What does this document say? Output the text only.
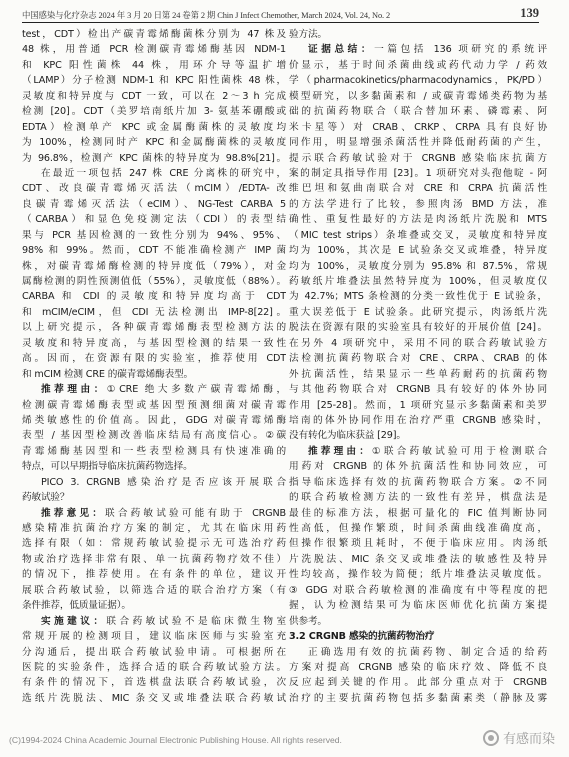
中国感染与化疗杂志 2024 年 3 月 20 日第 24 卷第 2 期 Chin J Infect Chemother, March 2024, Vol. 24, No. 2	139
test，CDT）检出产碳青霉烯酶菌株分别为 47 株及
48 株，用普通 PCR 检测碳青霉烯酶基因 NDM-1
和 KPC 阳性菌株 44 株，用环介导等温扩增
（LAMP）分子检测 NDM-1 和 KPC 阳性菌株 48 株，
灵敏度和特异度与 CDT 一致，可以在 2～3 h 完成
检测 [20]。CDT（美罗培南纸片加 3- 氨基苯硼酸或
EDTA）检测单产 KPC 或金属酶菌株的灵敏度均
为 100%，检测同时产 KPC 和金属酶菌株的灵敏度
为 96.8%，检测产 KPC 菌株的特异度为 98.8%[21]。
在最近一项包括 247 株 CRE 分离株的研究中，
CDT、改良碳青霉烯灭活法（mCIM）/EDTA- 改
良碳青霉烯灭活法（eCIM）、NG-Test CARBA 5
（CARBA）和显色免疫测定法（CDI）的表型结
果与 PCR 基因检测的一致性分别为 94%、95%、
98% 和 99%。然而，CDT 不能准确检测产 IMP 菌
株，对碳青霉烯酶检测的特异度低（79%），对金
属酶检测的阴性预测值低（55%），灵敏度低（88%）。
CARBA 和 CDI 的灵敏度和特异度均高于 CDT
和 mCIM/eCIM，但 CDI 无法检测出 IMP-8[22]。
以上研究提示，各种碳青霉烯酶表型检测方法的
灵敏度和特异度高，与基因型检测的结果一致性
高。因而，在资源有限的实验室，推荐使用 CDT
和 mCIM 检测 CRE 的碳青霉烯酶表型。
推荐理由：①CRE 绝大多数产碳青霉烯酶，
检测碳青霉烯酶表型或基因型预测细菌对碳青霉
烯类敏感性的价值高。因此，GDG 对碳青霉烯酶
表型 / 基因型检测改善临床结局有高度信心。②碳
青霉烯酶基因型和一些表型检测具有快速准确的
特点，可以早期指导临床抗菌药物选择。
PICO 3. CRGNB 感染治疗是否应该开展联合
药敏试验？
推荐意见：联合药敏试验可能有助于 CRGNB
感染精准抗菌治疗方案的制定，尤其在临床用药
选择有限（如：常规药敏试验提示无可选治疗药
物或治疗选择非常有限、单一抗菌药物疗效不佳）
的情况下，推荐使用。在有条件的单位，建议开
展联合药敏试验，以筛选合适的联合治疗方案（有
条件推荐，低质量证据）。
实施建议：联合药敏试验不是临床微生物室
常规开展的检测项目，建议临床医师与实验室充
分沟通后，提出联合药敏试验申请。可根据所在
医院的实验条件，选择合适的联合药敏试验方法。
有条件的情况下，首选棋盘法联合药敏试验，次
选纸片洗脱法、MIC 条交叉或堆叠法联合药敏试
验方法。
证据总结：一篇包括 136 项研究的系统评
价显示，基于时间杀菌曲线或药代动力学 / 药效
学（pharmacokinetics/pharmacodynamics，PK/PD）
模型研究，以多黏菌素和 / 或碳青霉烯类药物为基
础的抗菌药物联合（联合替加环素、磷霉素、阿
米卡星等）对 CRAB、CRKP、CRPA 具有良好协
同作用，明显增强杀菌活性并降低耐药菌的产生，
提示联合药敏试验对于 CRGNB 感染临床抗菌方
案的制定具指导作用 [23]。1 项研究对头孢他啶 - 阿
维巴坦和氨曲南联合对 CRE 和 CRPA 抗菌活性
的方法学进行了比较，参照肉汤 BMD 方法，准
确性、重复性最好的方法是肉汤纸片洗脱和 MTS
（MIC test strips）条堆叠或交叉，灵敏度和特异度
均为 100%，其次是 E 试验条交叉或堆叠，特异度
均为 100%，灵敏度分别为 95.8% 和 87.5%，常规
药敏纸片堆叠法虽然特异度为 100%，但灵敏度仅
为 42.7%；MTS 条检测的分类一致性优于 E 试验条，
重大误差低于 E 试验条。此研究提示，肉汤纸片洗
脱法在资源有限的实验室具有较好的开展价值 [24]。
在另外 4 项研究中，采用不同的联合药敏试验方
法检测抗菌药物联合对 CRE、CRPA、CRAB 的体
外抗菌活性，结果显示一些单药耐药的抗菌药物
与其他药物联合对 CRGNB 具有较好的体外协同
作用 [25-28]。然而，1 项研究显示多黏菌素和美罗
培南的体外协同作用在治疗严重 CRGNB 感染时，
没有转化为临床获益 [29]。
推荐理由：①联合药敏试验可用于检测联合
用药对 CRGNB 的体外抗菌活性和协同效应，可
指导临床选择有效的抗菌药物联合方案。②不同
的联合药敏检测方法的一致性有差异，棋盘法是
最佳的标准方法，根据可量化的 FIC 值判断协同
性高低，但操作繁琐，时间杀菌曲线准确度高，
但操作很繁琐且耗时，不便于临床应用。肉汤纸
片洗脱法、MIC 条交叉或堆叠法的敏感性及特异
性均较高，操作较为简便；纸片堆叠法灵敏度低。
③ GDG 对联合药敏检测的准确度有中等程度的把
握，认为检测结果可为临床医师优化抗菌方案提
供参考。
3.2 CRGNB 感染的抗菌药物治疗
正确选用有效的抗菌药物、制定合适的给药
方案对提高 CRGNB 感染的临床疗效、降低不良
反应起到关键的作用。此部分重点对于 CRGNB
治疗的主要抗菌药物包括多黏菌素类（静脉及雾
(C)1994-2024 China Academic Journal Electronic Publishing House. All rights reserved.	有感而染
